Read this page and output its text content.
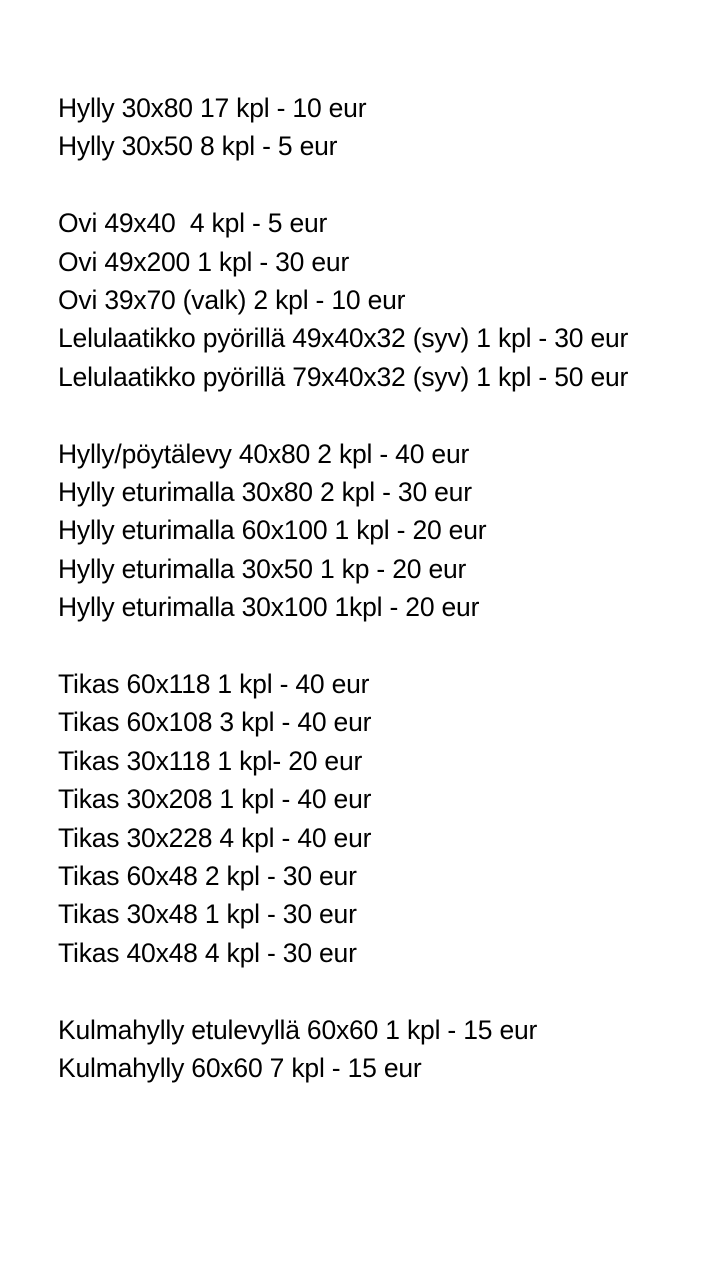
Hylly 30x80 17 kpl - 10 eur
Hylly 30x50 8 kpl - 5 eur
Ovi 49x40  4 kpl - 5 eur
Ovi 49x200 1 kpl - 30 eur
Ovi 39x70 (valk) 2 kpl - 10 eur
Lelulaatikko pyörillä 49x40x32 (syv) 1 kpl - 30 eur
Lelulaatikko pyörillä 79x40x32 (syv) 1 kpl - 50 eur
Hylly/pöytälevy 40x80 2 kpl - 40 eur
Hylly eturimalla 30x80 2 kpl - 30 eur
Hylly eturimalla 60x100 1 kpl - 20 eur
Hylly eturimalla 30x50 1 kp - 20 eur
Hylly eturimalla 30x100 1kpl - 20 eur
Tikas 60x118 1 kpl - 40 eur
Tikas 60x108 3 kpl - 40 eur
Tikas 30x118 1 kpl- 20 eur
Tikas 30x208 1 kpl - 40 eur
Tikas 30x228 4 kpl - 40 eur
Tikas 60x48 2 kpl - 30 eur
Tikas 30x48 1 kpl - 30 eur
Tikas 40x48 4 kpl - 30 eur
Kulmahylly etulevyllä 60x60 1 kpl - 15 eur
Kulmahylly 60x60 7 kpl - 15 eur
